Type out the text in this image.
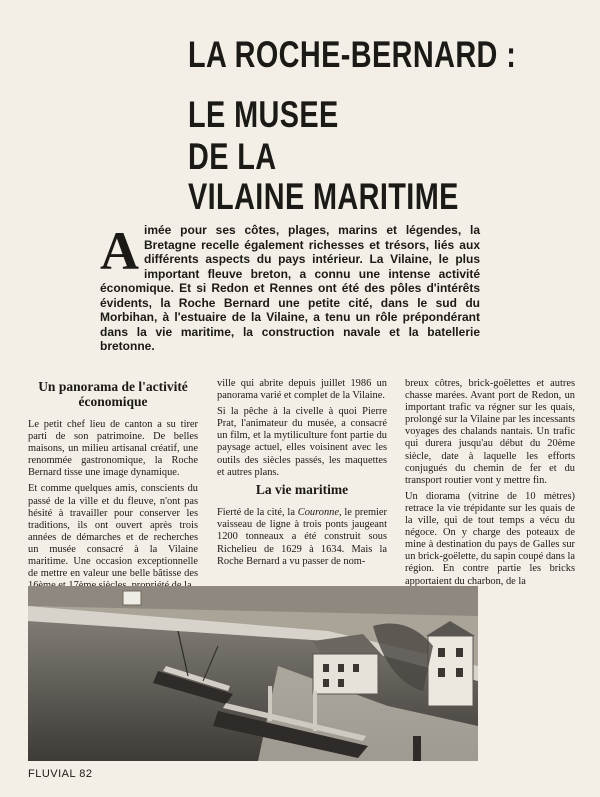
LA ROCHE-BERNARD :
LE MUSEE
DE LA
VILAINE MARITIME

A imée pour ses côtes, plages, marins et légendes, la Bretagne recelle également richesses et trésors, liés aux différents aspects du pays intérieur. La Vilaine, le plus important fleuve breton, a connu une intense activité économique. Et si Redon et Rennes ont été des pôles d'intérêts évidents, la Roche Bernard une petite cité, dans le sud du Morbihan, à l'estuaire de la Vilaine, a tenu un rôle prépondérant dans la vie maritime, la construction navale et la batellerie bretonne.

Un panorama de l'activité économique

Le petit chef lieu de canton a su tirer parti de son patrimoine. De belles maisons, un milieu artisanal créatif, une renommée gastronomique, la Roche Bernard tisse une image dynamique.

Et comme quelques amis, conscients du passé de la ville et du fleuve, n'ont pas hésité à travailler pour conserver les traditions, ils ont ouvert après trois années de démarches et de recherches un musée consacré à la Vilaine maritime. Une occasion exceptionnelle de mettre en valeur une belle bâtisse des

ville qui abrite depuis juillet 1986 un panorama varié et complet de la Vilaine.

Si la pêche à la civelle à quoi Pierre Prat, l'animateur du musée, a consacré un film, et la mytiliculture font partie du paysage actuel, elles voisinent avec les outils des siècles passés, les maquettes et autres plans.

La vie maritime

Fierté de la cité, la Couronne, le premier vaisseau de ligne à trois ponts jaugeant 1200 tonneaux a été construit sous Richelieu de 1629 à 1634. Mais la Roche Bernard a vu passer de nom-

breux côtres, brick-goëlettes et autres chasse marées. Avant port de Redon, un important trafic va régner sur les quais, prolongé sur la Vilaine par les incessants voyages des chalands nantais. Un trafic qui durera jusqu'au début du 20ème siècle, date à laquelle les efforts conjugués du chemin de fer et du transport routier vont y mettre fin.

Un diorama (vitrine de 10 mètres) retrace la vie trépidante sur les quais de la ville, qui de tout temps a vécu du négoce. On y charge des poteaux de mine à destination du pays de Galles sur un brick-goëlette, du sapin coupé dans la région. En contre partie les bricks apportaient du charbon, de la

FLUVIAL 82
